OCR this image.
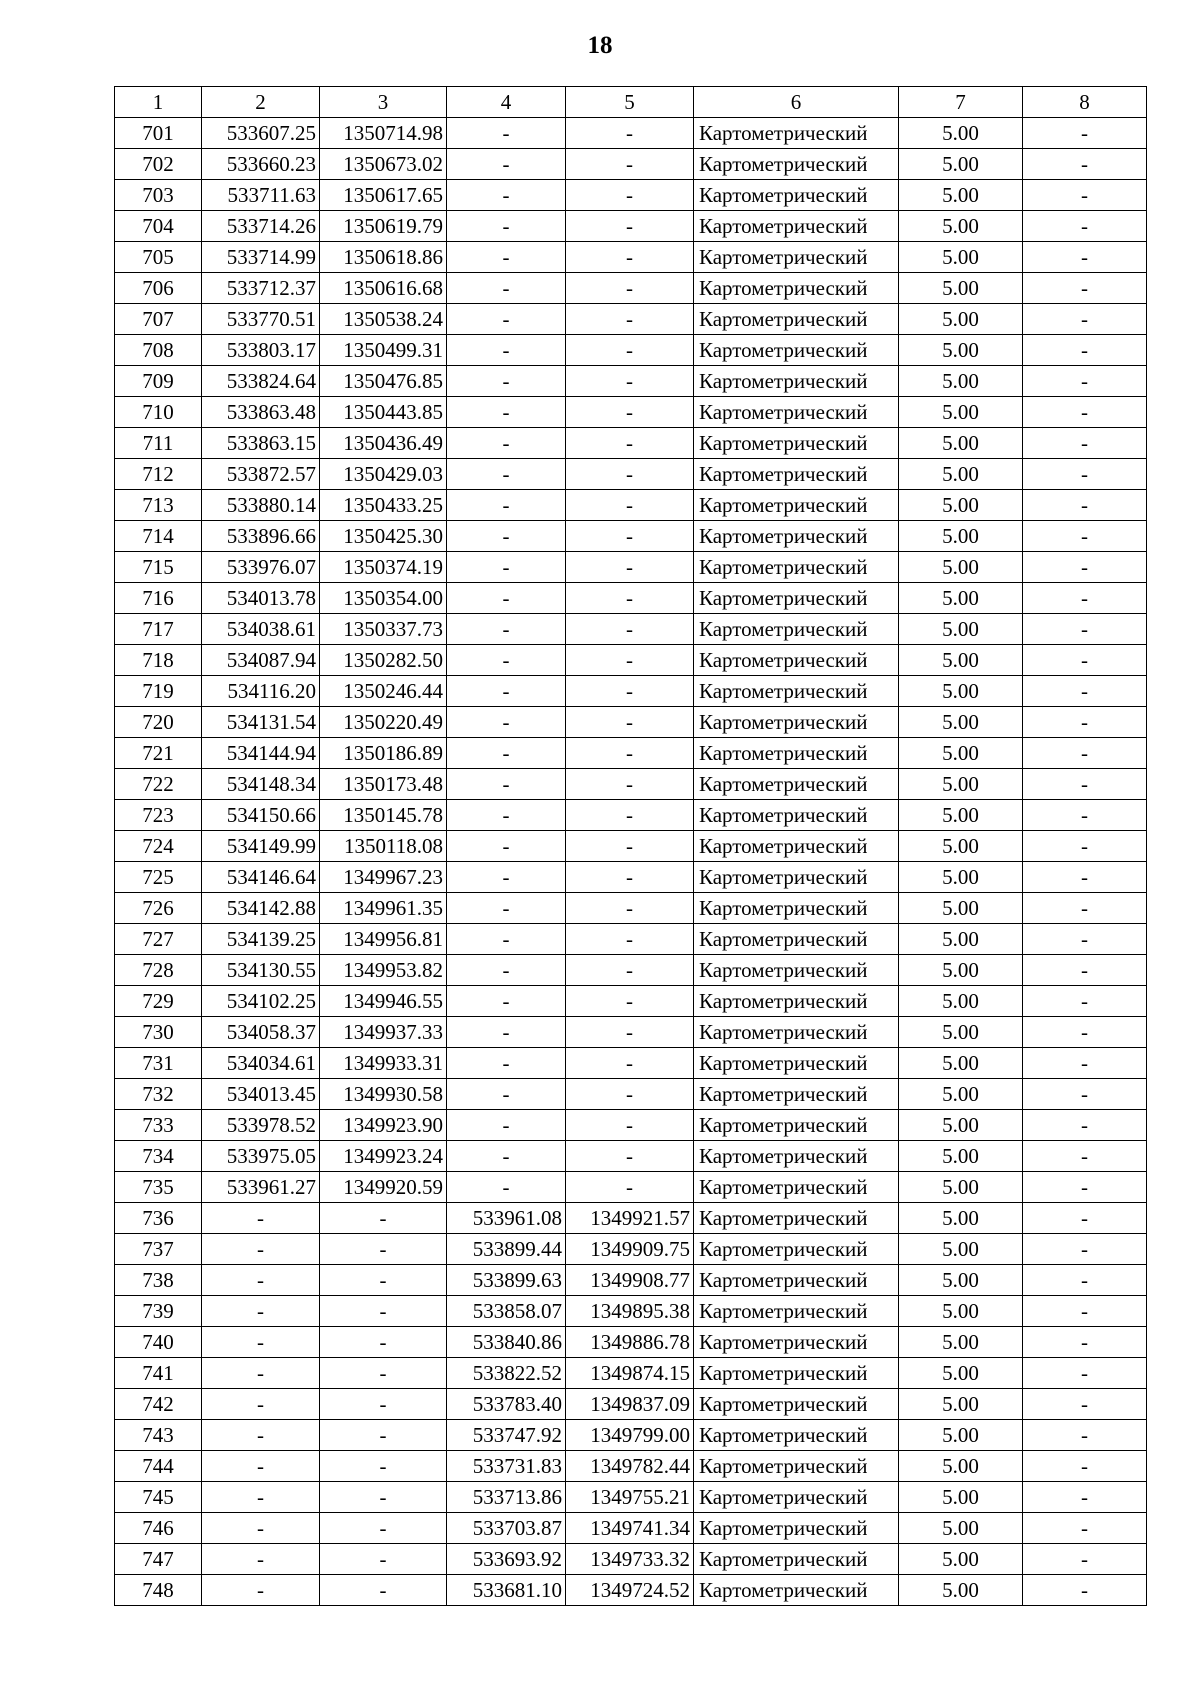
18
1	2	3	4	5	6	7	8
701	533607.25	1350714.98	-	-	Картометрический	5.00	-
702	533660.23	1350673.02	-	-	Картометрический	5.00	-
703	533711.63	1350617.65	-	-	Картометрический	5.00	-
704	533714.26	1350619.79	-	-	Картометрический	5.00	-
705	533714.99	1350618.86	-	-	Картометрический	5.00	-
706	533712.37	1350616.68	-	-	Картометрический	5.00	-
707	533770.51	1350538.24	-	-	Картометрический	5.00	-
708	533803.17	1350499.31	-	-	Картометрический	5.00	-
709	533824.64	1350476.85	-	-	Картометрический	5.00	-
710	533863.48	1350443.85	-	-	Картометрический	5.00	-
711	533863.15	1350436.49	-	-	Картометрический	5.00	-
712	533872.57	1350429.03	-	-	Картометрический	5.00	-
713	533880.14	1350433.25	-	-	Картометрический	5.00	-
714	533896.66	1350425.30	-	-	Картометрический	5.00	-
715	533976.07	1350374.19	-	-	Картометрический	5.00	-
716	534013.78	1350354.00	-	-	Картометрический	5.00	-
717	534038.61	1350337.73	-	-	Картометрический	5.00	-
718	534087.94	1350282.50	-	-	Картометрический	5.00	-
719	534116.20	1350246.44	-	-	Картометрический	5.00	-
720	534131.54	1350220.49	-	-	Картометрический	5.00	-
721	534144.94	1350186.89	-	-	Картометрический	5.00	-
722	534148.34	1350173.48	-	-	Картометрический	5.00	-
723	534150.66	1350145.78	-	-	Картометрический	5.00	-
724	534149.99	1350118.08	-	-	Картометрический	5.00	-
725	534146.64	1349967.23	-	-	Картометрический	5.00	-
726	534142.88	1349961.35	-	-	Картометрический	5.00	-
727	534139.25	1349956.81	-	-	Картометрический	5.00	-
728	534130.55	1349953.82	-	-	Картометрический	5.00	-
729	534102.25	1349946.55	-	-	Картометрический	5.00	-
730	534058.37	1349937.33	-	-	Картометрический	5.00	-
731	534034.61	1349933.31	-	-	Картометрический	5.00	-
732	534013.45	1349930.58	-	-	Картометрический	5.00	-
733	533978.52	1349923.90	-	-	Картометрический	5.00	-
734	533975.05	1349923.24	-	-	Картометрический	5.00	-
735	533961.27	1349920.59	-	-	Картометрический	5.00	-
736	-	-	533961.08	1349921.57	Картометрический	5.00	-
737	-	-	533899.44	1349909.75	Картометрический	5.00	-
738	-	-	533899.63	1349908.77	Картометрический	5.00	-
739	-	-	533858.07	1349895.38	Картометрический	5.00	-
740	-	-	533840.86	1349886.78	Картометрический	5.00	-
741	-	-	533822.52	1349874.15	Картометрический	5.00	-
742	-	-	533783.40	1349837.09	Картометрический	5.00	-
743	-	-	533747.92	1349799.00	Картометрический	5.00	-
744	-	-	533731.83	1349782.44	Картометрический	5.00	-
745	-	-	533713.86	1349755.21	Картометрический	5.00	-
746	-	-	533703.87	1349741.34	Картометрический	5.00	-
747	-	-	533693.92	1349733.32	Картометрический	5.00	-
748	-	-	533681.10	1349724.52	Картометрический	5.00	-
